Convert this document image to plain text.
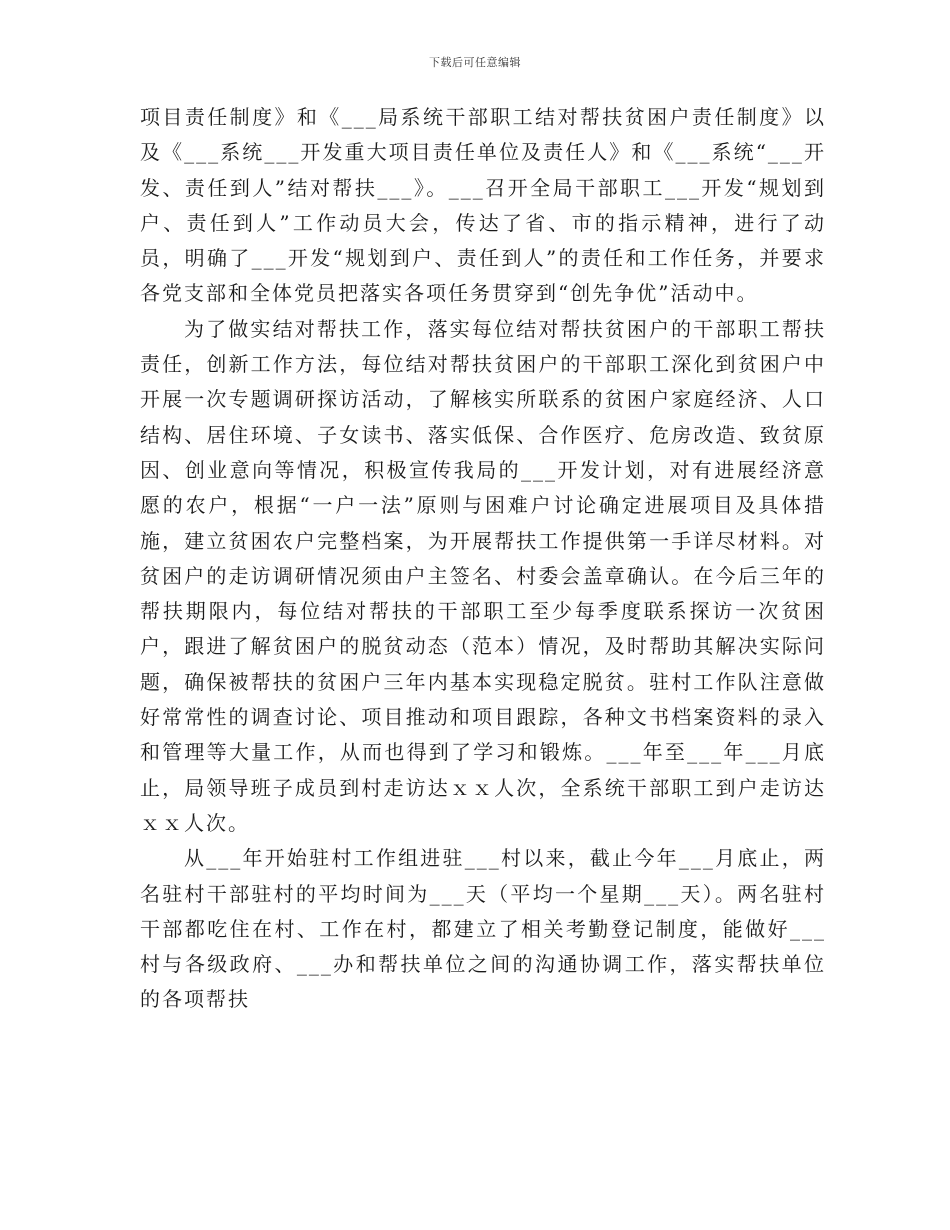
下载后可任意编辑

项目责任制度》和《___局系统干部职工结对帮扶贫困户责任制度》以及《___系统___开发重大项目责任单位及责任人》和《___系统“___开发、责任到人”结对帮扶___》。___召开全局干部职工___开发“规划到户、责任到人”工作动员大会，传达了省、市的指示精神，进行了动员，明确了___开发“规划到户、责任到人”的责任和工作任务，并要求各党支部和全体党员把落实各项任务贯穿到“创先争优”活动中。

为了做实结对帮扶工作，落实每位结对帮扶贫困户的干部职工帮扶责任，创新工作方法，每位结对帮扶贫困户的干部职工深化到贫困户中开展一次专题调研探访活动，了解核实所联系的贫困户家庭经济、人口结构、居住环境、子女读书、落实低保、合作医疗、危房改造、致贫原因、创业意向等情况，积极宣传我局的___开发计划，对有进展经济意愿的农户，根据“一户一法”原则与困难户讨论确定进展项目及具体措施，建立贫困农户完整档案，为开展帮扶工作提供第一手详尽材料。对贫困户的走访调研情况须由户主签名、村委会盖章确认。在今后三年的帮扶期限内，每位结对帮扶的干部职工至少每季度联系探访一次贫困户，跟进了解贫困户的脱贫动态（范本）情况，及时帮助其解决实际问题，确保被帮扶的贫困户三年内基本实现稳定脱贫。驻村工作队注意做好常常性的调查讨论、项目推动和项目跟踪，各种文书档案资料的录入和管理等大量工作，从而也得到了学习和锻炼。___年至___年___月底止，局领导班子成员到村走访达ｘｘ人次，全系统干部职工到户走访达ｘｘ人次。

从___年开始驻村工作组进驻___村以来，截止今年___月底止，两名驻村干部驻村的平均时间为___天（平均一个星期___天）。两名驻村干部都吃住在村、工作在村，都建立了相关考勤登记制度，能做好___村与各级政府、___办和帮扶单位之间的沟通协调工作，落实帮扶单位的各项帮扶
